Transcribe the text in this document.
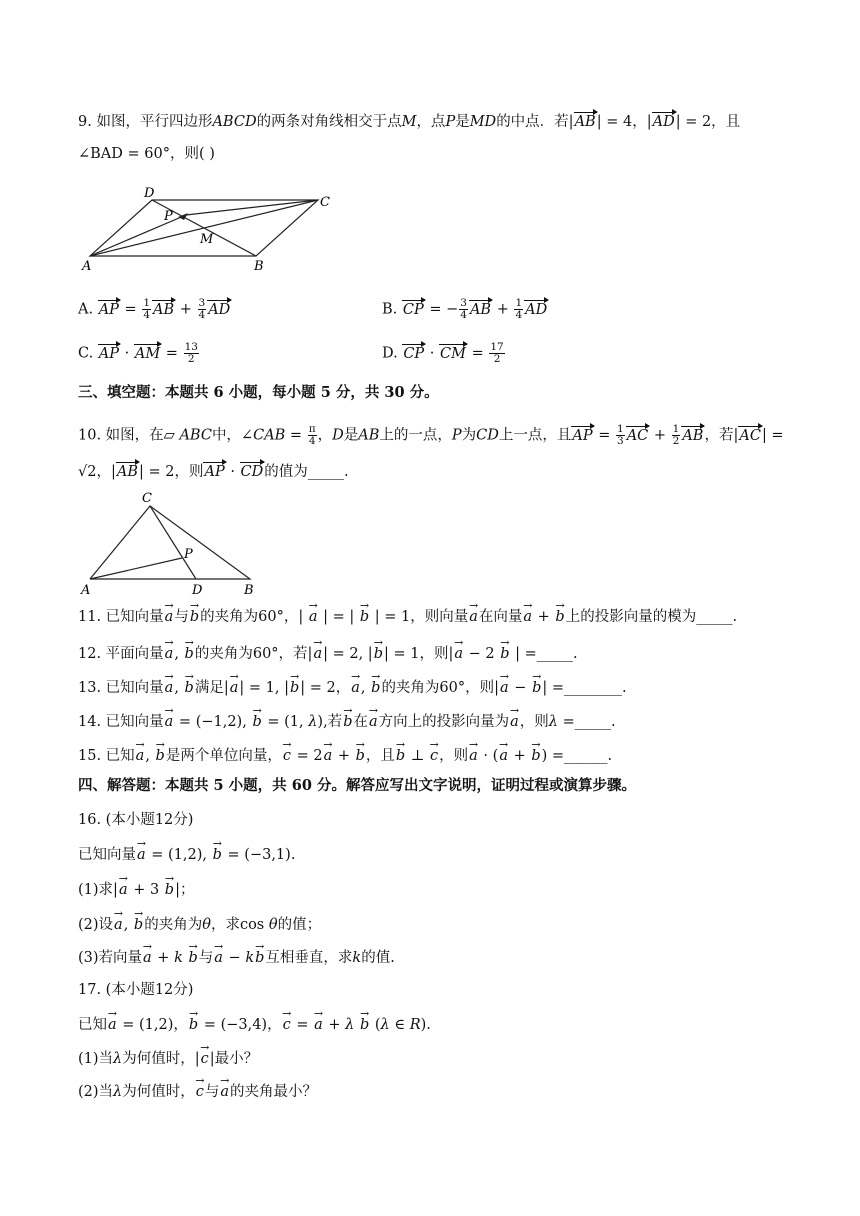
9. 如图，平行四边形ABCD的两条对角线相交于点M，点P是MD的中点．若|AB| = 4，|AD| = 2，且
∠BAD = 60°，则( )
D
C
P
M
A	B
A. AP = $\frac{1}{4}$ AB + $\frac{3}{4}$ AD	B. CP = − $\frac{3}{4}$ AB + $\frac{1}{4}$ AD
C. AP · AM = $\frac{13}{2}$	D. CP · CM = $\frac{17}{2}$
三、填空题：本题共 6 小题，每小题 5 分，共 30 分。
10. 如图，在▱ ABC中，∠CAB = $\frac{\pi}{4}$ ，D是AB上的一点，P为CD上一点，且AP = $\frac{1}{3}$ AC + $\frac{1}{2}$ AB，若|AC| =
√2，|AB| = 2，则AP · CD的值为_____.
C
P
A	D	B
11. 已知向量→ a与→ b的夹角为60°，| → a | = | → b | = 1，则向量→ a在向量→ a + → b上的投影向量的模为_____.
12. 平面向量→ a, → b的夹角为60°，若|→ a| = 2, |→ b| = 1，则|→ a − 2 → b | =_____.
13. 已知向量→ a, → b满足|→ a| = 1, |→ b| = 2，→ a, → b的夹角为60°，则|→ a − → b| =________.
14. 已知向量→ a = (−1,2), → b = (1, λ),若→ b在→ a方向上的投影向量为→ a，则λ =_____.
15. 已知→ a, → b是两个单位向量，→ c = 2→ a + → b，且→ b ⊥ → c，则→ a · (→ a + → b) =______.
四、解答题：本题共 5 小题，共 60 分。解答应写出文字说明，证明过程或演算步骤。
16. (本小题12分)
已知向量→ a = (1,2), → b = (−3,1).
(1)求|→ a + 3 → b|；
(2)设→ a, → b的夹角为θ，求cos θ的值；
(3)若向量→ a + k → b与→ a − k→ b互相垂直，求k的值.
17. (本小题12分)
已知→ a = (1,2)，→ b = (−3,4)，→ c = → a + λ → b (λ ∈ R).
(1)当λ为何值时，|→ c|最小？
(2)当λ为何值时，→ c与→ a的夹角最小？
